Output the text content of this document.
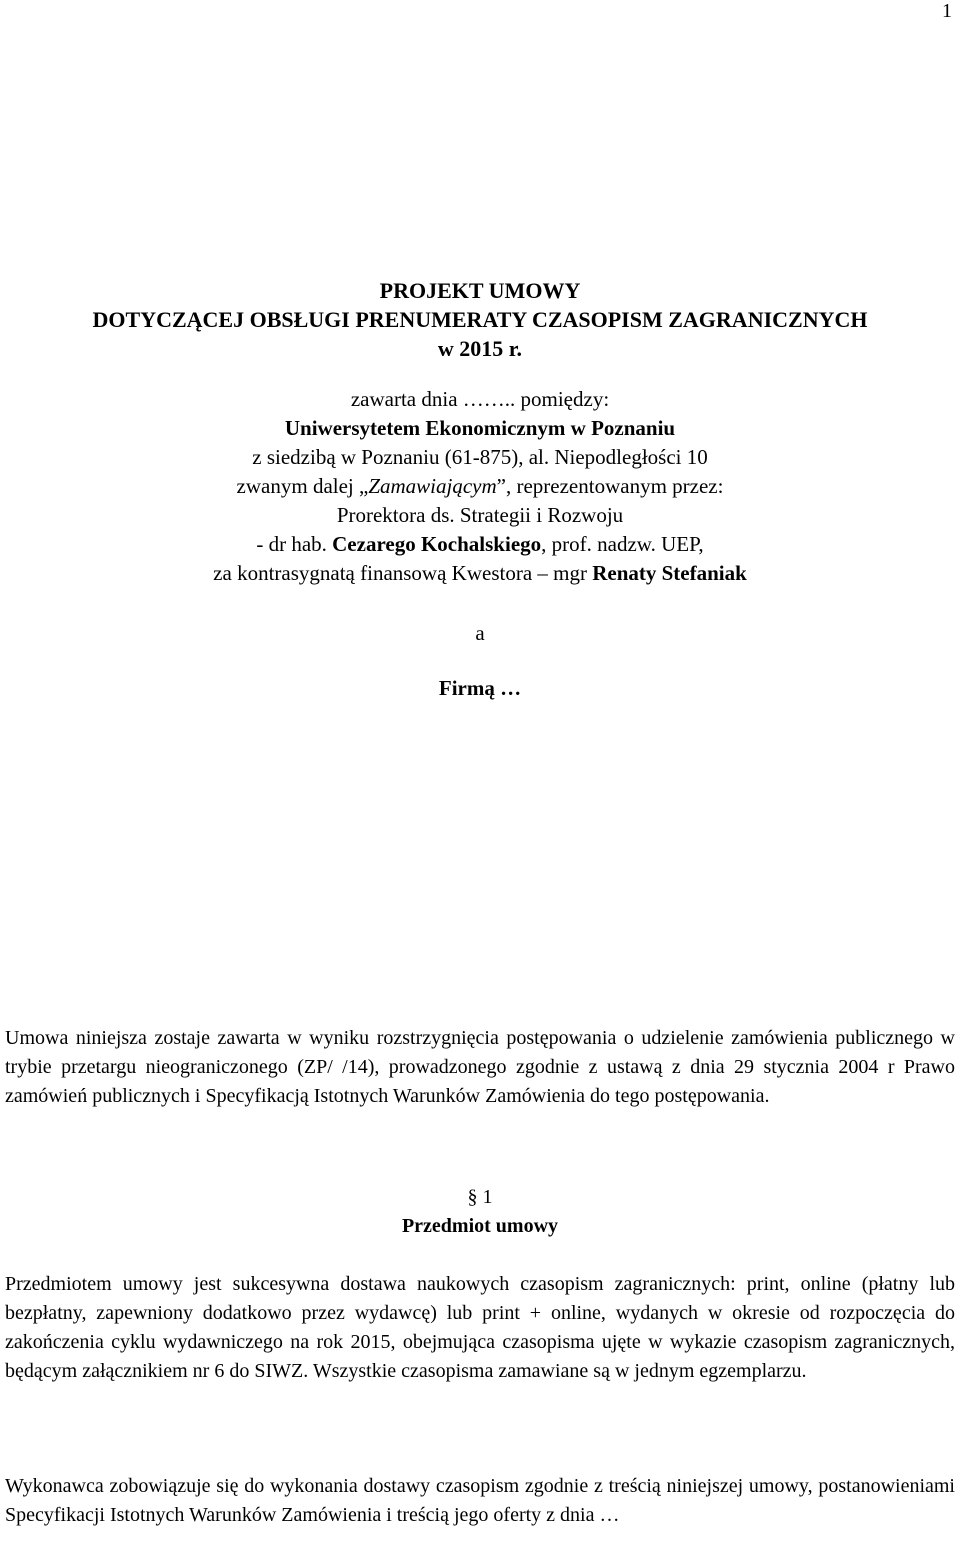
1
PROJEKT UMOWY
DOTYCZĄCEJ OBSŁUGI PRENUMERATY CZASOPISM ZAGRANICZNYCH
w 2015 r.
zawarta dnia …….. pomiędzy:
Uniwersytetem Ekonomicznym w Poznaniu
z siedzibą w Poznaniu (61-875), al. Niepodległości 10
zwanym dalej „Zamawiającym”, reprezentowanym przez:
Prorektora ds. Strategii i Rozwoju
- dr hab. Cezarego Kochalskiego, prof. nadzw. UEP,
za kontrasygnatą finansową Kwestora – mgr Renaty Stefaniak
a
Firmą …
Umowa niniejsza zostaje zawarta w wyniku rozstrzygnięcia postępowania o udzielenie zamówienia publicznego w trybie przetargu nieograniczonego (ZP/ /14), prowadzonego zgodnie z ustawą z dnia 29 stycznia 2004 r Prawo zamówień publicznych i Specyfikacją Istotnych Warunków Zamówienia do tego postępowania.
§ 1
Przedmiot umowy
Przedmiotem umowy jest sukcesywna dostawa naukowych czasopism zagranicznych: print, online (płatny lub bezpłatny, zapewniony dodatkowo przez wydawcę) lub print + online, wydanych w okresie od rozpoczęcia do zakończenia cyklu wydawniczego na rok 2015, obejmująca czasopisma ujęte w wykazie czasopism zagranicznych, będącym załącznikiem nr 6 do SIWZ. Wszystkie czasopisma zamawiane są w jednym egzemplarzu.
Wykonawca zobowiązuje się do wykonania dostawy czasopism zgodnie z treścią niniejszej umowy, postanowieniami Specyfikacji Istotnych Warunków Zamówienia i treścią jego oferty z dnia …
